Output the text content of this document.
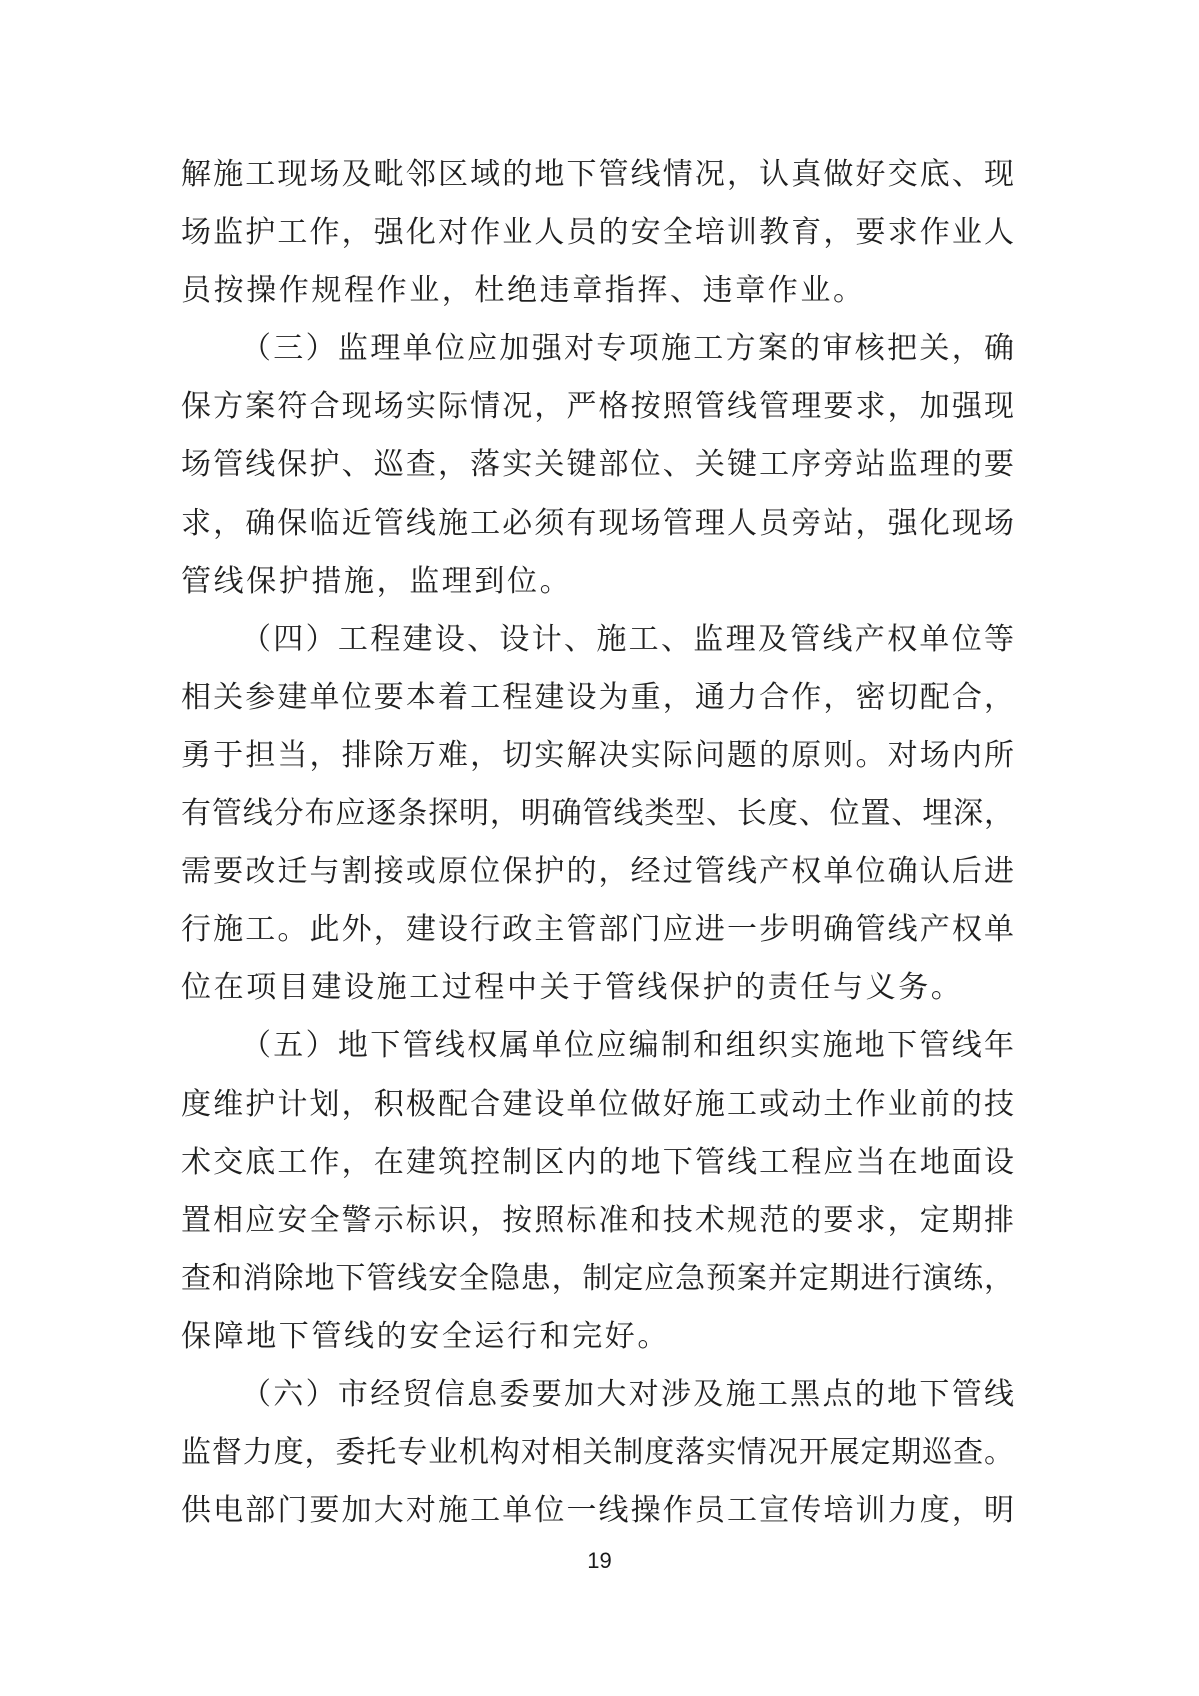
解施工现场及毗邻区域的地下管线情况，认真做好交底、现
场监护工作，强化对作业人员的安全培训教育，要求作业人
员按操作规程作业，杜绝违章指挥、违章作业。
（三）监理单位应加强对专项施工方案的审核把关，确
保方案符合现场实际情况，严格按照管线管理要求，加强现
场管线保护、巡查，落实关键部位、关键工序旁站监理的要
求，确保临近管线施工必须有现场管理人员旁站，强化现场
管线保护措施，监理到位。
（四）工程建设、设计、施工、监理及管线产权单位等
相关参建单位要本着工程建设为重，通力合作，密切配合，
勇于担当，排除万难，切实解决实际问题的原则。对场内所
有管线分布应逐条探明，明确管线类型、长度、位置、埋深，
需要改迁与割接或原位保护的，经过管线产权单位确认后进
行施工。此外，建设行政主管部门应进一步明确管线产权单
位在项目建设施工过程中关于管线保护的责任与义务。
（五）地下管线权属单位应编制和组织实施地下管线年
度维护计划，积极配合建设单位做好施工或动土作业前的技
术交底工作，在建筑控制区内的地下管线工程应当在地面设
置相应安全警示标识，按照标准和技术规范的要求，定期排
查和消除地下管线安全隐患，制定应急预案并定期进行演练，
保障地下管线的安全运行和完好。
（六）市经贸信息委要加大对涉及施工黑点的地下管线
监督力度，委托专业机构对相关制度落实情况开展定期巡查。
供电部门要加大对施工单位一线操作员工宣传培训力度，明
19
